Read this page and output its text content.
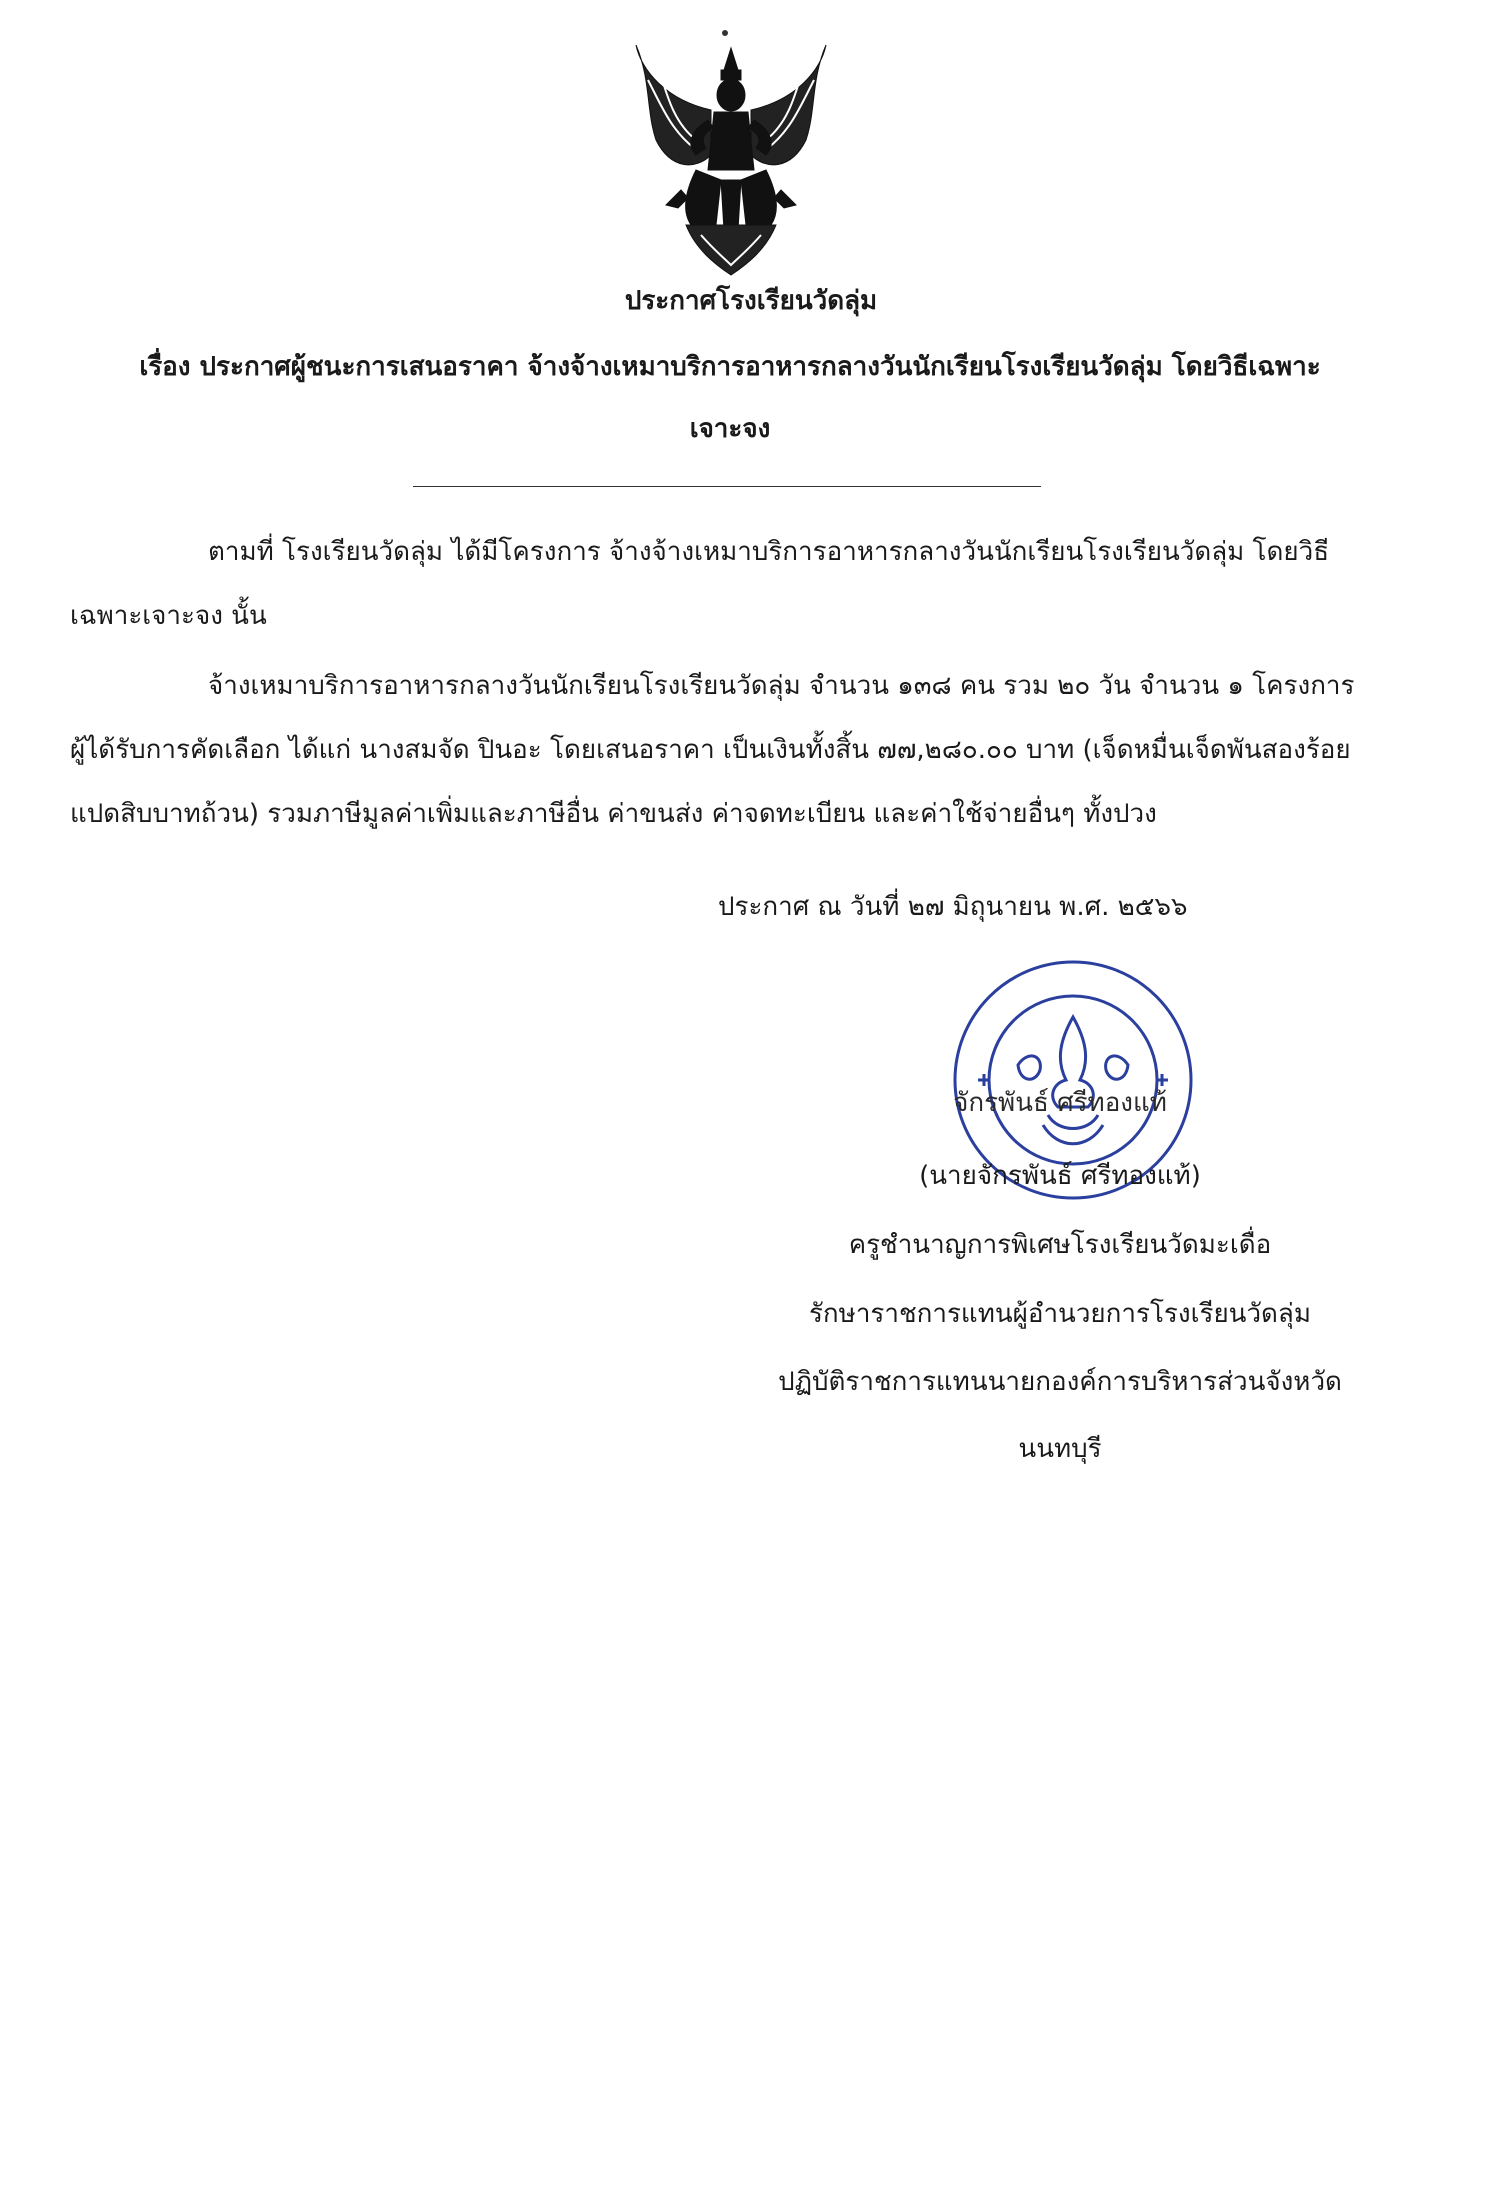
ประกาศโรงเรียนวัดลุ่ม
เรื่อง ประกาศผู้ชนะการเสนอราคา จ้างจ้างเหมาบริการอาหารกลางวันนักเรียนโรงเรียนวัดลุ่ม โดยวิธีเฉพาะ
เจาะจง
ตามที่ โรงเรียนวัดลุ่ม ได้มีโครงการ จ้างจ้างเหมาบริการอาหารกลางวันนักเรียนโรงเรียนวัดลุ่ม โดยวิธีเฉพาะเจาะจง นั้น
จ้างเหมาบริการอาหารกลางวันนักเรียนโรงเรียนวัดลุ่ม จำนวน ๑๓๘ คน รวม ๒๐ วัน จำนวน ๑ โครงการ ผู้ได้รับการคัดเลือก ได้แก่ นางสมจัด ปินอะ โดยเสนอราคา เป็นเงินทั้งสิ้น ๗๗,๒๘๐.๐๐ บาท (เจ็ดหมื่นเจ็ดพันสองร้อยแปดสิบบาทถ้วน) รวมภาษีมูลค่าเพิ่มและภาษีอื่น ค่าขนส่ง ค่าจดทะเบียน และค่าใช้จ่ายอื่นๆ ทั้งปวง
ประกาศ ณ วันที่ ๒๗ มิถุนายน พ.ศ. ๒๕๖๖
จักรพันธ์ ศรีทองแท้
(นายจักรพันธ์ ศรีทองแท้)
ครูชำนาญการพิเศษโรงเรียนวัดมะเดื่อ
รักษาราชการแทนผู้อำนวยการโรงเรียนวัดลุ่ม
ปฏิบัติราชการแทนนายกองค์การบริหารส่วนจังหวัด
นนทบุรี
